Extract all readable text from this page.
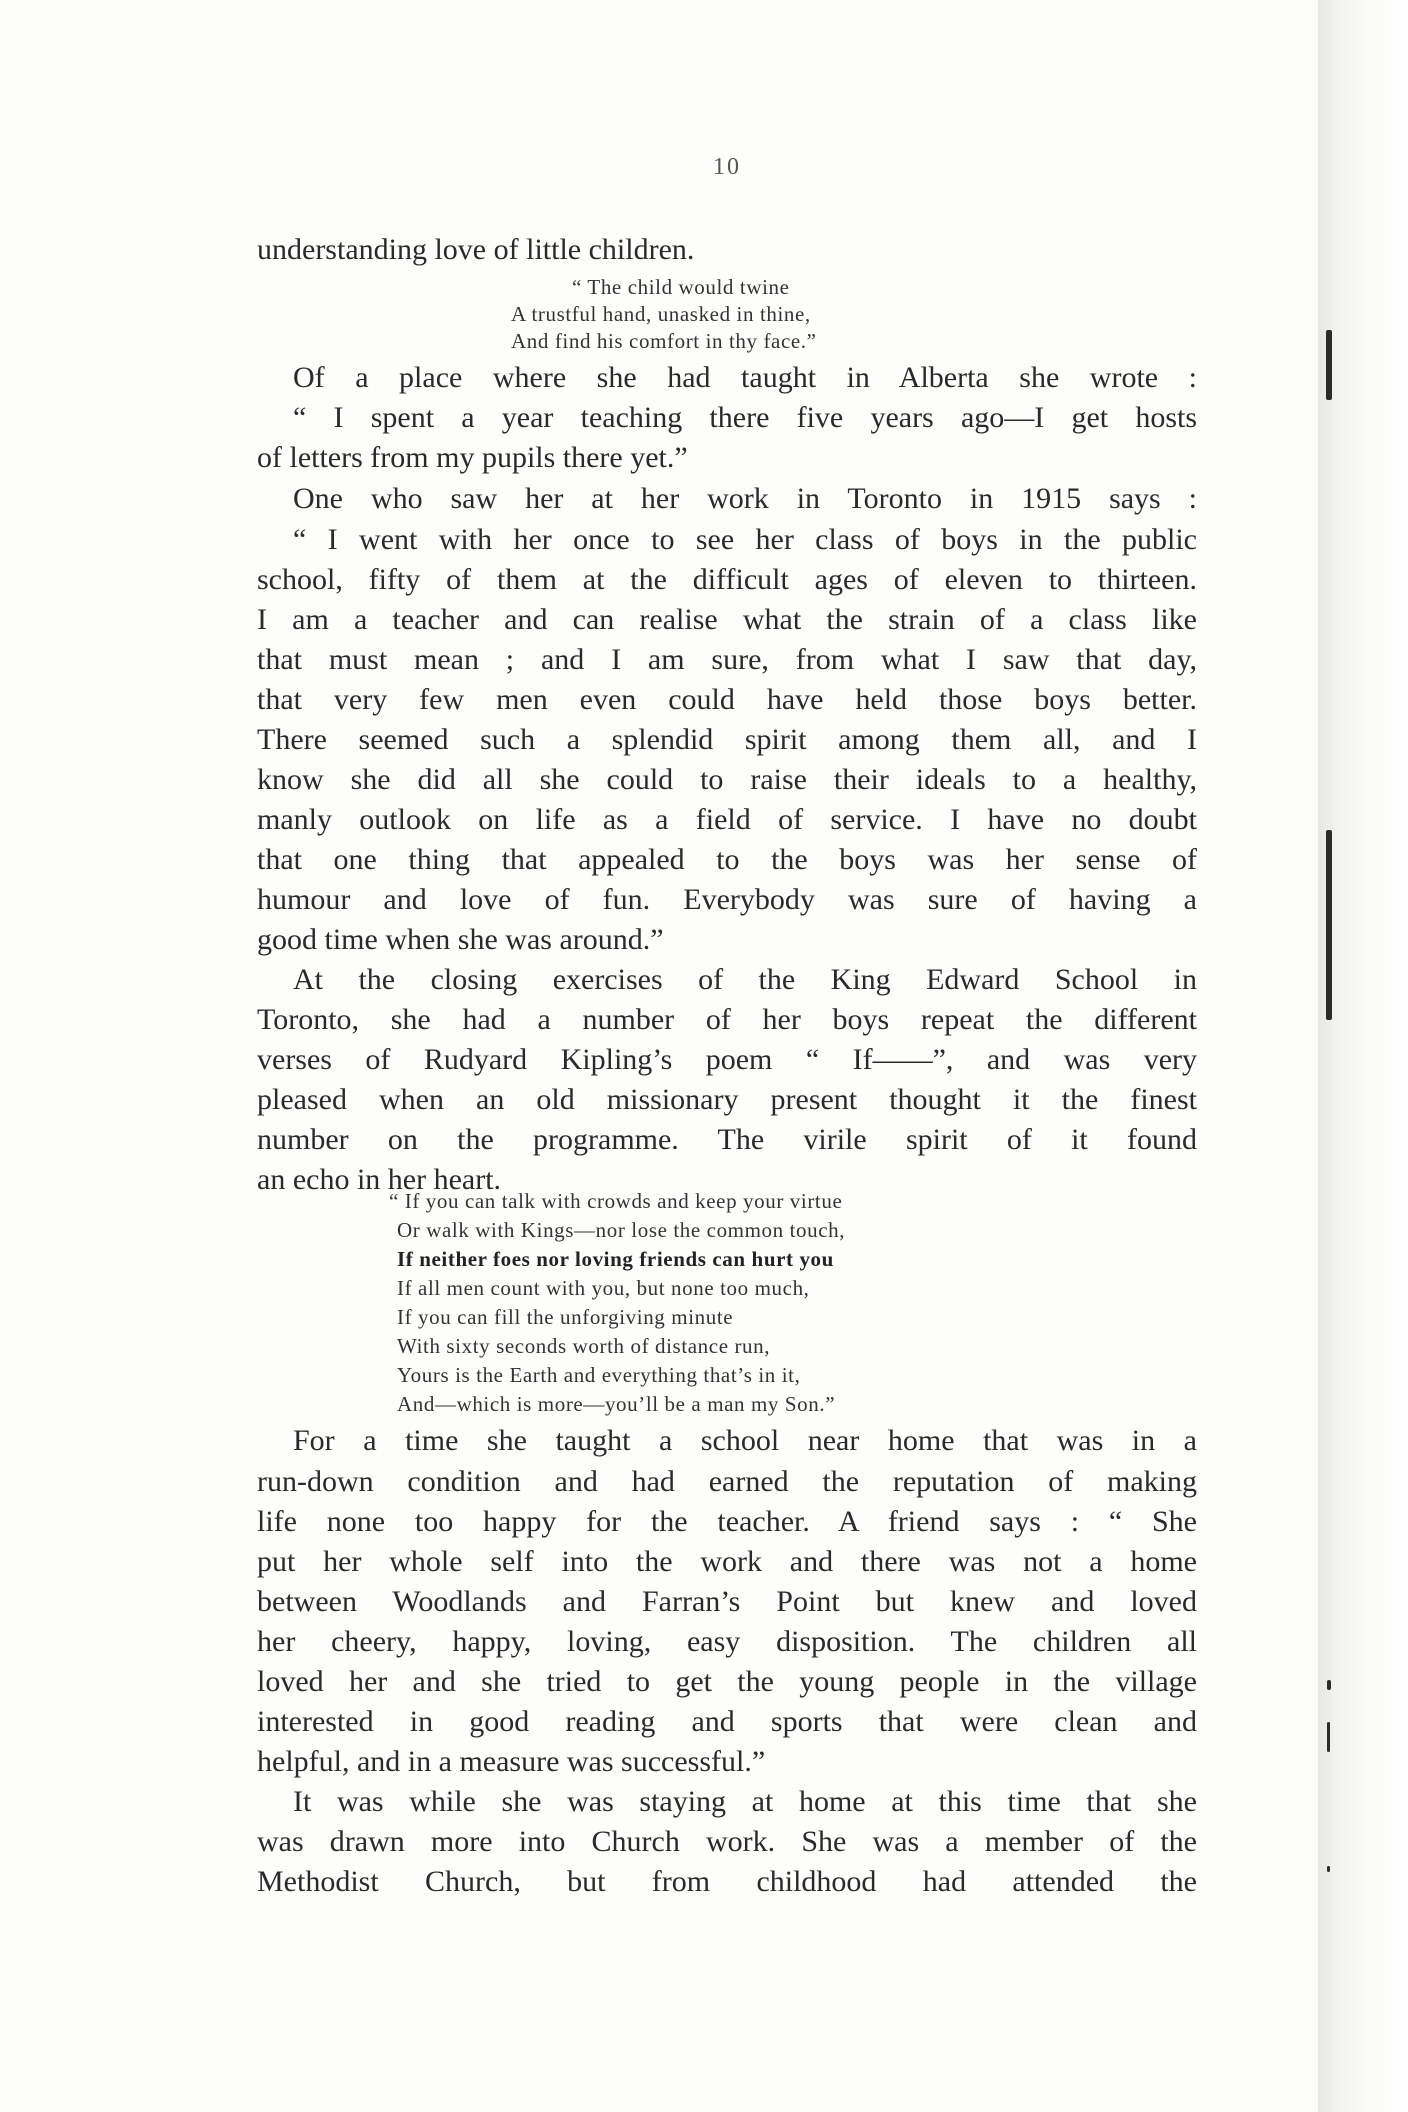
10
understanding love of little children.
“ The child would twine
A trustful hand, unasked in thine,
And find his comfort in thy face.”
Of a place where she had taught in Alberta she wrote :
“ I spent a year teaching there five years ago—I get hosts
of letters from my pupils there yet.”
One who saw her at her work in Toronto in 1915 says :
“ I went with her once to see her class of boys in the public
school, fifty of them at the difficult ages of eleven to thirteen.
I am a teacher and can realise what the strain of a class like
that must mean ; and I am sure, from what I saw that day,
that very few men even could have held those boys better.
There seemed such a splendid spirit among them all, and I
know she did all she could to raise their ideals to a healthy,
manly outlook on life as a field of service. I have no doubt
that one thing that appealed to the boys was her sense of
humour and love of fun. Everybody was sure of having a
good time when she was around.”
At the closing exercises of the King Edward School in
Toronto, she had a number of her boys repeat the different
verses of Rudyard Kipling’s poem “ If——”, and was very
pleased when an old missionary present thought it the finest
number on the programme. The virile spirit of it found
an echo in her heart.
“ If you can talk with crowds and keep your virtue
Or walk with Kings—nor lose the common touch,
If neither foes nor loving friends can hurt you
If all men count with you, but none too much,
If you can fill the unforgiving minute
With sixty seconds worth of distance run,
Yours is the Earth and everything that’s in it,
And—which is more—you’ll be a man my Son.”
For a time she taught a school near home that was in a
run-down condition and had earned the reputation of making
life none too happy for the teacher. A friend says : “ She
put her whole self into the work and there was not a home
between Woodlands and Farran’s Point but knew and loved
her cheery, happy, loving, easy disposition. The children all
loved her and she tried to get the young people in the village
interested in good reading and sports that were clean and
helpful, and in a measure was successful.”
It was while she was staying at home at this time that she
was drawn more into Church work. She was a member of the
Methodist Church, but from childhood had attended the
